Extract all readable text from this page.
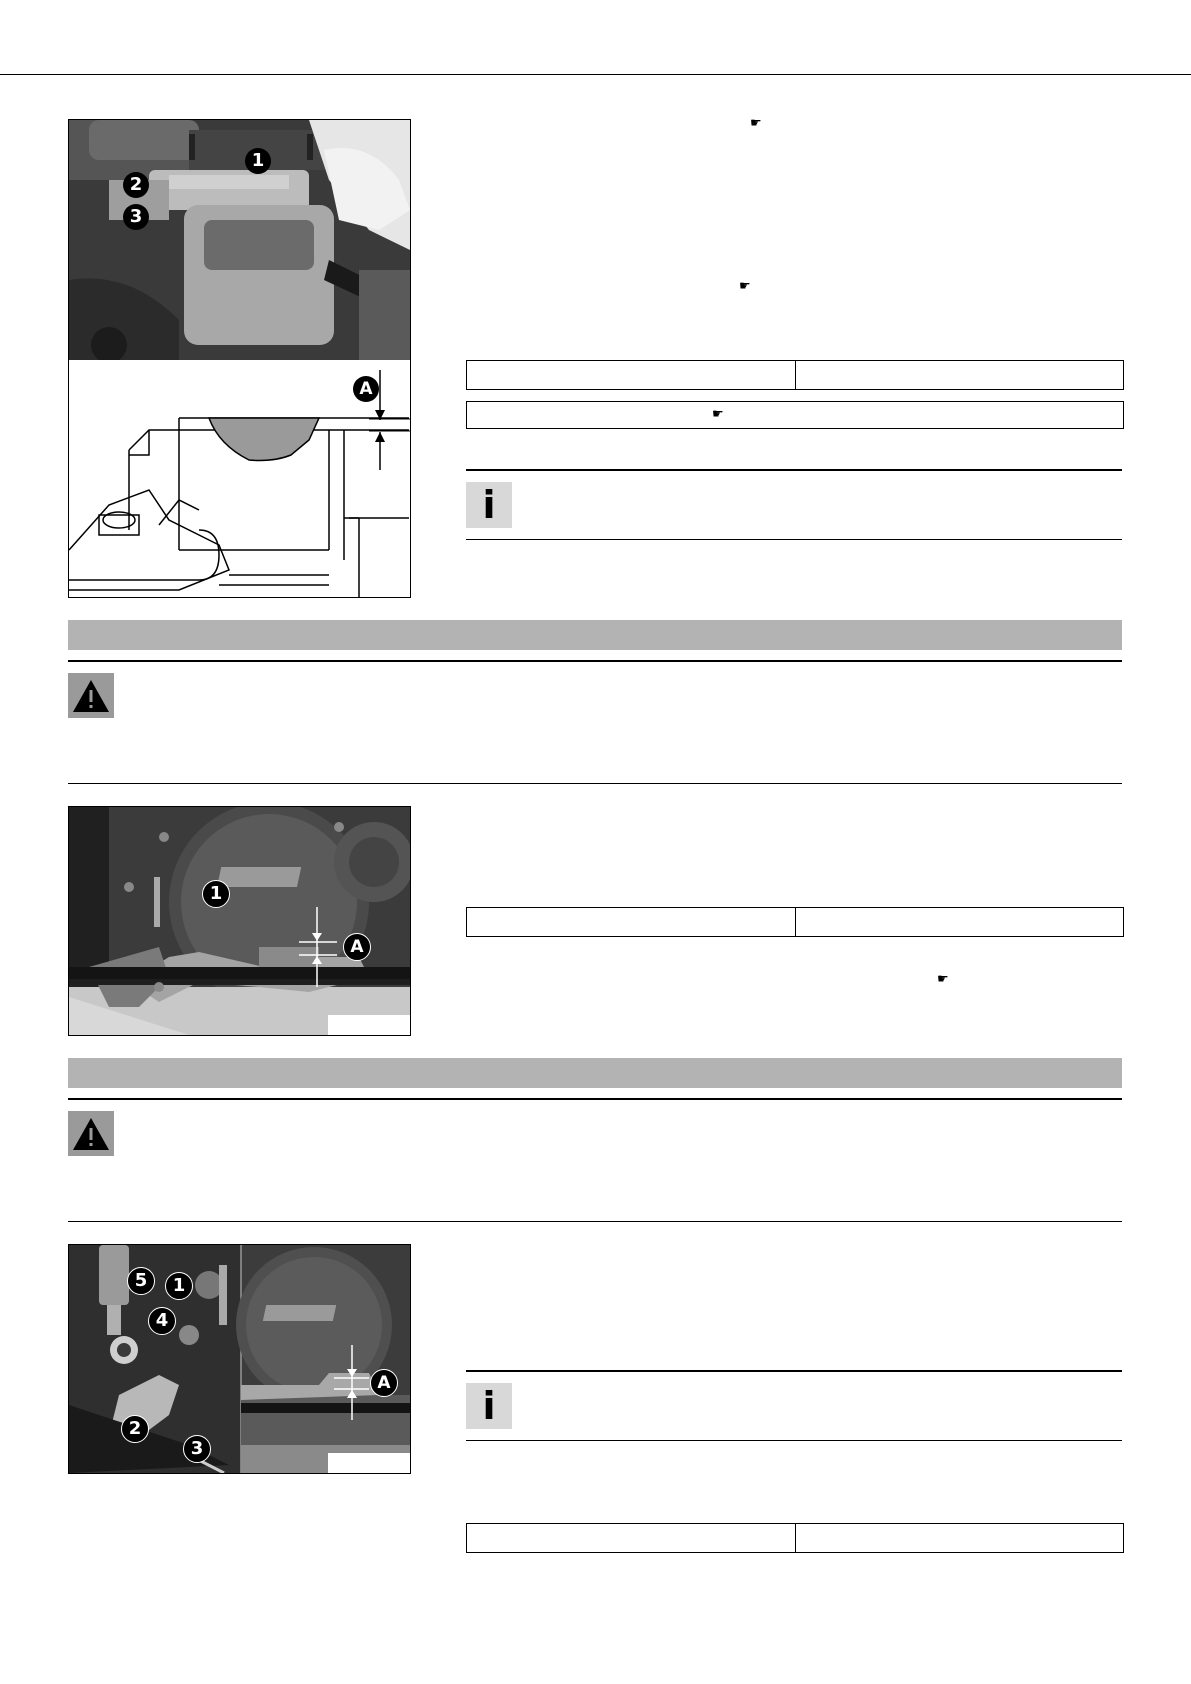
1
2
3
A
☛
☛
☛
i
1
A
☛
5	1
4
2
3
A
i
